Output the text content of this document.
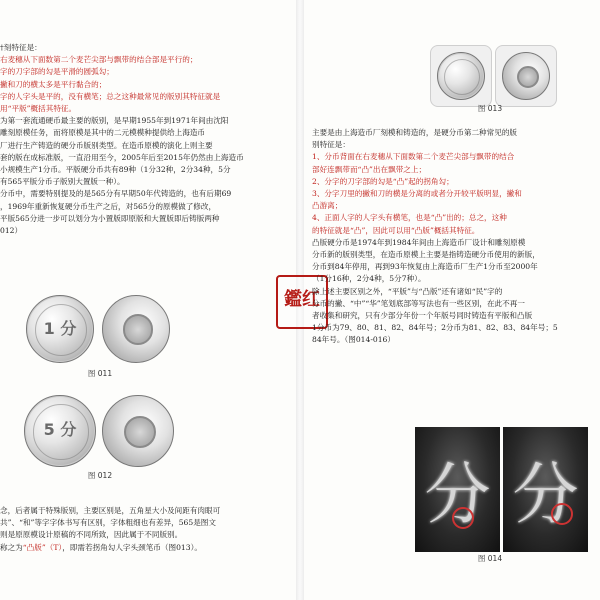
†刻特征是：

右麦穗从下面数第二个麦芒尖部与飘带的结合部是平行的；

字的刀字部的勾是平滑的圆弧勾；

撇和刀的横太多是平行黏合的；

字的人字头是平的，没有横笔；总之这种最常见的版别其特征就是

用“平版”概括其特征。

为第一套流通硬币最主要的版别，是早期1955年到1971年间由沈阳

雕刻原模任务，而将原模是其中的二元模模种提供给上海造币

厂进行生产铸造的硬分币版别类型。在造币原模的演化上则主要

套的版在成标准版，一直沿用至今，2005年后至2015年仍然由上海造币

小规模生产1分币。平版硬分币共有89种（1分32种，2分34种，5分

有565平版分币子版别大置版一种）。

分币中，需要特别提及的是565分有早期50年代铸造的，也有后期69

，1969年重新恢复硬分币生产之后，对565分的原模做了修改，

平版565分进一步可以划分为小置版即原版和大置版即后铸版两种

012）

1 分
图 011
5 分
图 012

念，后者属于特殊版别，主要区别是，五角星大小及间距有肉眼可

共”、“和”等字字体书写有区别，字体粗细也有差异，565是图文

则是原原模设计原稿的不同所致，因此属于不同版别。

称之为“凸版”（T），即需若拐角勾人字头颈笔币（图013）。

鑑红
图 013

主要是由上海造币厂刻模和铸造的，是硬分币第二种常见的版

别特征是：

1、分币背面在右麦穗从下面数第二个麦芒尖部与飘带的结合

部好连飘带而“凸”出在飘带之上；

2、分字的刀字部的勾是“凸”起的拐角勾；

3、分字刀里的撇和刀的横是分离的或者分开较平版明显，撇和

凸游离；

4、正面人字的人字头有横笔，也是“凸”出的；总之，这种

的特征就是“凸”，因此可以用“凸版”概括其特征。

凸版硬分币是1974年到1984年间由上海造币厂设计和雕刻原模

分币新的版别类型，在造币原模上主要是指铸造硬分币使用的新版，

分币到84年停用，再到93年恢复由上海造币厂生产1分币至2000年

（1分16种，2分4种，5分7种）。

除上述主要区别之外，“平版”与“凸版”还有诸如“民”字的

分币的撇、“中”“华”笔划底部等写法也有一些区别，在此不再一

者收集和研究，只有少部分年份一个年版号同时铸造有平版和凸版

1分币为79、80、81、82、84年号；2分币为81、82、83、84年号；5

84年号。（图014-016）

分 分
图 014
